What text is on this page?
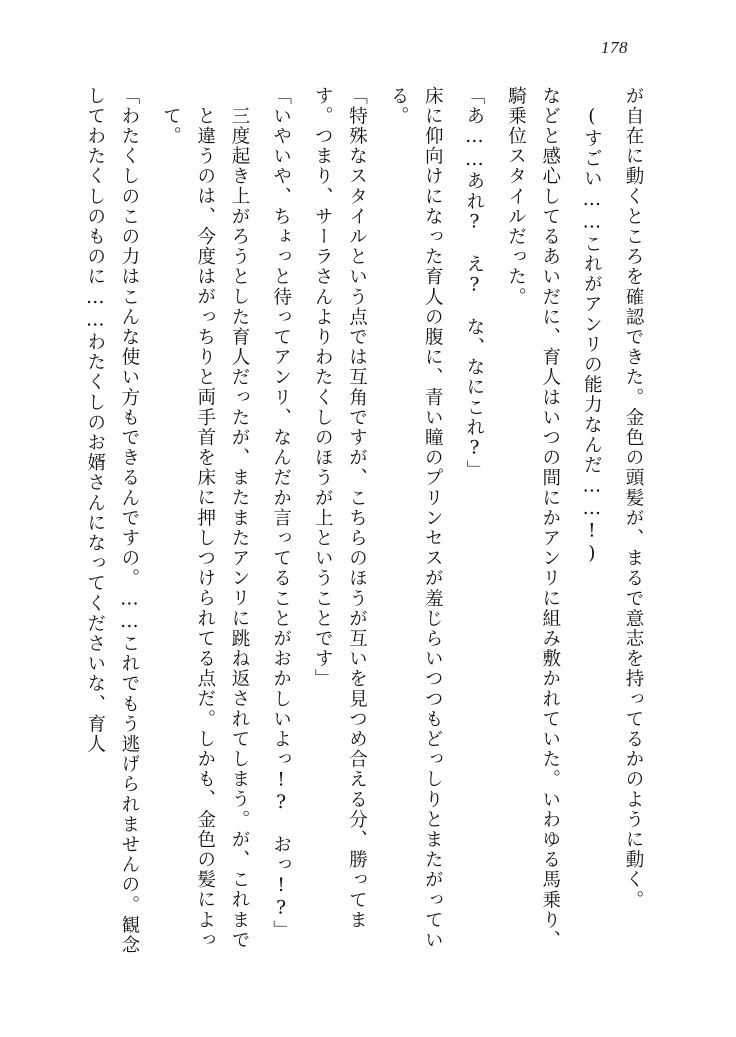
178

が自在に動くところを確認できた。金色の頭髪が、まるで意志を持ってるかのように動く。

(すごい……これがアンリの能力なんだ……!)

などと感心してるあいだに、育人はいつの間にかアンリに組み敷かれていた。いわゆる馬乗り、騎乗位スタイルだった。

「あ……あれ?　え?　な、なにこれ?」

床に仰向けになった育人の腹に、青い瞳のプリンセスが羞じらいつつもどっしりとまたがっている。

「特殊なスタイルという点では互角ですが、こちらのほうが互いを見つめ合える分、勝ってます。つまり、サーラさんよりわたくしのほうが上ということです」

「いやいや、ちょっと待ってアンリ、なんだか言ってることがおかしいよっ!?　おっ!?」

三度起き上がろうとした育人だったが、またまたアンリに跳ね返されてしまう。が、これまでと違うのは、今度はがっちりと両手首を床に押しつけられてる点だ。しかも、金色の髪によって。

「わたくしのこの力はこんな使い方もできるんですの。……これでもう逃げられませんの。観念してわたくしのものに……わたくしのお婿さんになってくださいな、育人
